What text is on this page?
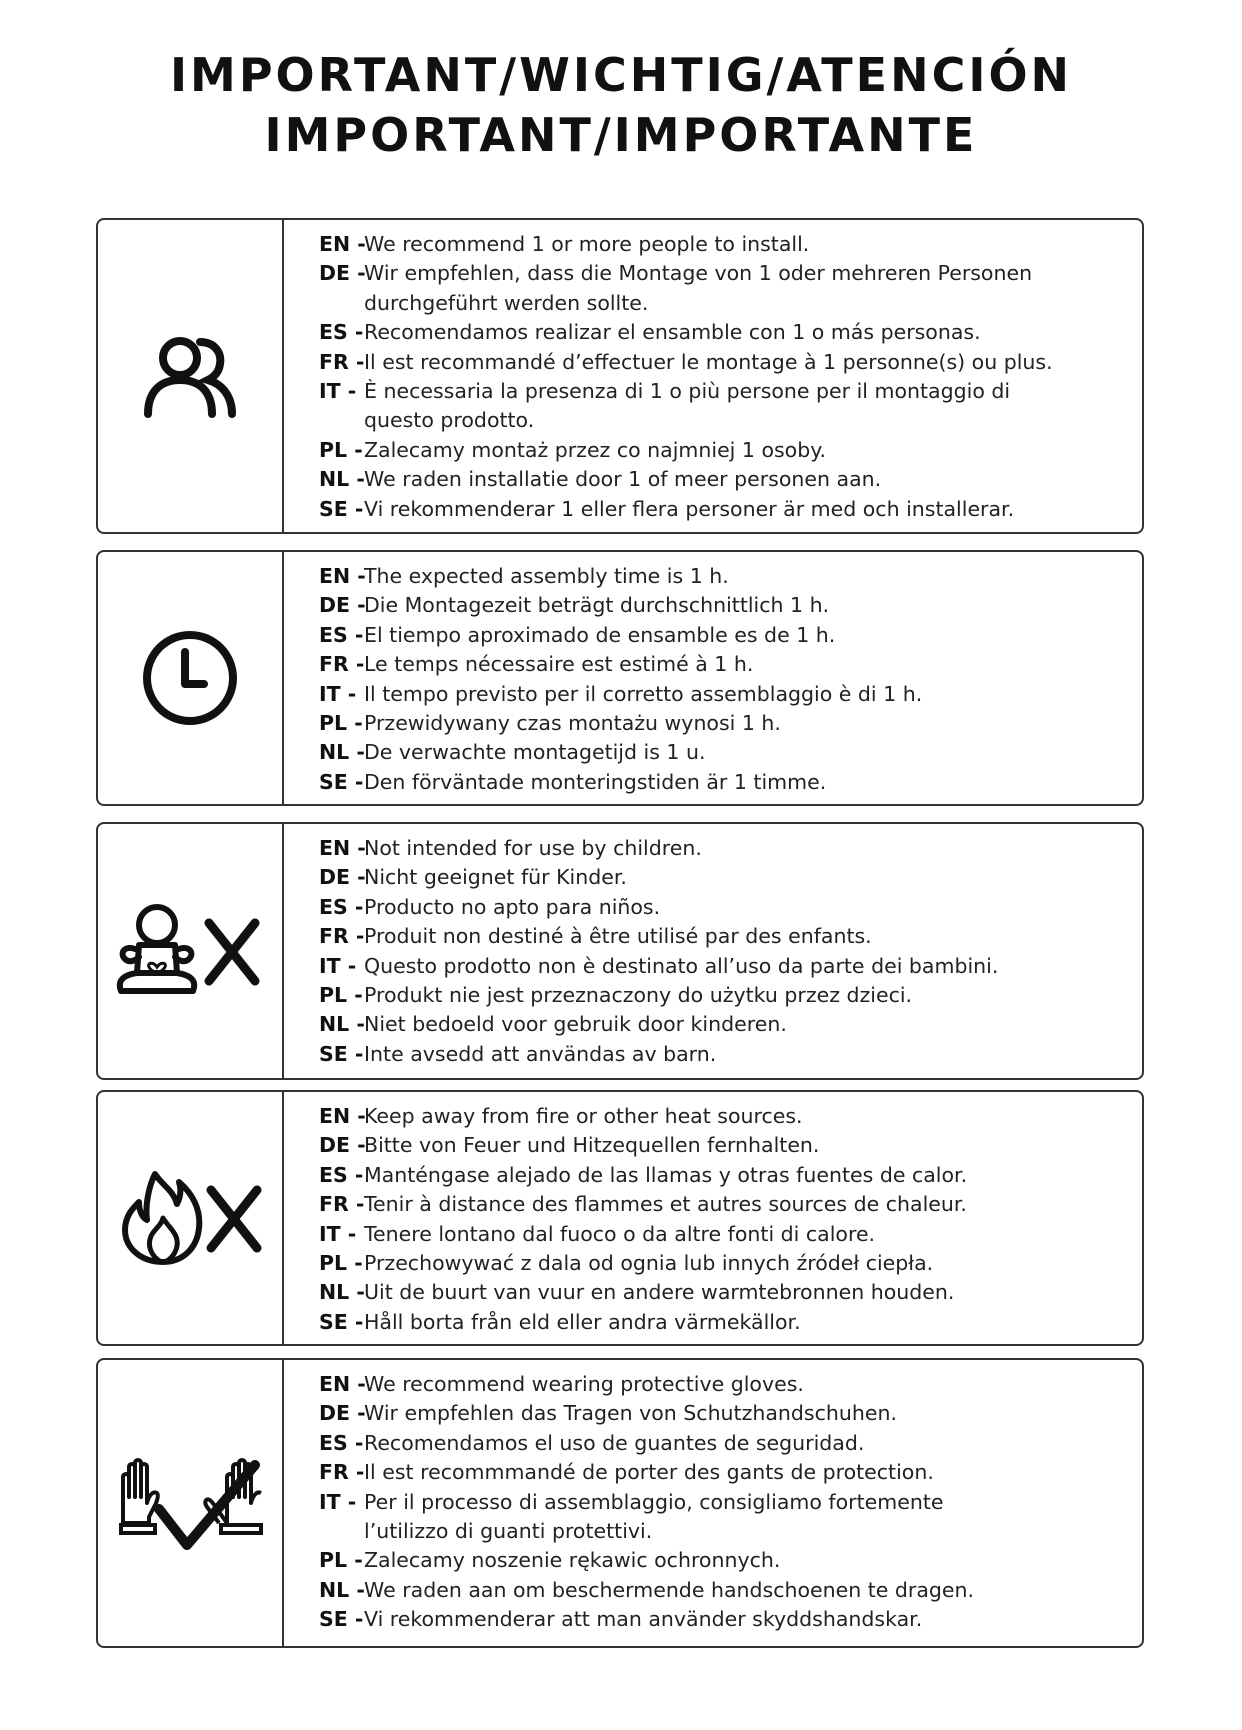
IMPORTANT/WICHTIG/ATENCIÓN
IMPORTANT/IMPORTANTE
EN -
We recommend 1 or more people to install.
DE -
Wir empfehlen, dass die Montage von 1 oder mehreren Personen
durchgeführt werden sollte.
ES - Recomendamos realizar el ensamble con 1 o más personas.
FR - Il est recommandé d’effectuer le montage à 1 personne(s) ou plus.
IT - È necessaria la presenza di 1 o più persone per il montaggio di
questo prodotto.
PL - Zalecamy montaż przez co najmniej 1 osoby.
NL - We raden installatie door 1 of meer personen aan.
SE - Vi rekommenderar 1 eller flera personer är med och installerar.
EN -
The expected assembly time is 1 h.
DE -
Die Montagezeit beträgt durchschnittlich 1 h.
ES - El tiempo aproximado de ensamble es de 1 h.
FR - Le temps nécessaire est estimé à 1 h.
IT - Il tempo previsto per il corretto assemblaggio è di 1 h.
PL - Przewidywany czas montażu wynosi 1 h.
NL - De verwachte montagetijd is 1 u.
SE - Den förväntade monteringstiden är 1 timme.
EN -
Not intended for use by children.
DE -
Nicht geeignet für Kinder.
ES - Producto no apto para niños.
FR - Produit non destiné à être utilisé par des enfants.
IT - Questo prodotto non è destinato all’uso da parte dei bambini.
PL - Produkt nie jest przeznaczony do użytku przez dzieci.
NL - Niet bedoeld voor gebruik door kinderen.
SE - Inte avsedd att användas av barn.
EN -
Keep away from fire or other heat sources.
DE -
Bitte von Feuer und Hitzequellen fernhalten.
ES - Manténgase alejado de las llamas y otras fuentes de calor.
FR - Tenir à distance des flammes et autres sources de chaleur.
IT - Tenere lontano dal fuoco o da altre fonti di calore.
PL - Przechowywać z dala od ognia lub innych źródeł ciepła.
NL - Uit de buurt van vuur en andere warmtebronnen houden.
SE - Håll borta från eld eller andra värmekällor.
EN -
We recommend wearing protective gloves.
DE -
Wir empfehlen das Tragen von Schutzhandschuhen.
ES - Recomendamos el uso de guantes de seguridad.
FR - Il est recommmandé de porter des gants de protection.
IT - Per il processo di assemblaggio, consigliamo fortemente
l’utilizzo di guanti protettivi.
PL - Zalecamy noszenie rękawic ochronnych.
NL - We raden aan om beschermende handschoenen te dragen.
SE - Vi rekommenderar att man använder skyddshandskar.
